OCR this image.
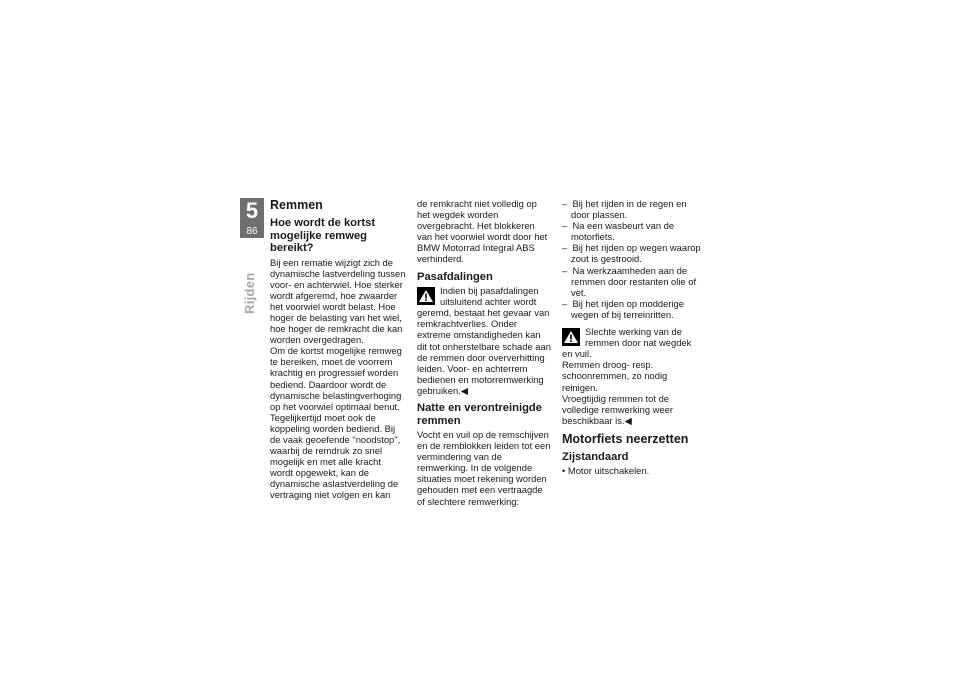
5
86
Rijden
Remmen
Hoe wordt de kortst mogelijke remweg bereikt?

Bij een rematie wijzigt zich de dynamische lastverdeling tussen voor- en achterwiel. Hoe sterker wordt afgeremd, hoe zwaarder het voorwiel wordt belast. Hoe hoger de belasting van het wiel, hoe hoger de remkracht die kan worden overgedragen.

Om de kortst mogelijke remweg te bereiken, moet de voorrem krachtig en progressief worden bediend. Daardoor wordt de dynamische belastingverhoging op het voorwiel optimaal benut. Tegelijkertijd moet ook de koppeling worden bediend. Bij de vaak geoefende "noodstop", waarbij de remdruk zo snel mogelijk en met alle kracht wordt opgewekt, kan de dynamische aslastverdeling de vertraging niet volgen en kan

de remkracht niet volledig op het wegdek worden overgebracht. Het blokkeren van het voorwiel wordt door het BMW Motorrad Integral ABS verhinderd.

Pasafdalingen

Indien bij pasafdalingen uitsluitend achter wordt geremd, bestaat het gevaar van remkrachtverlies. Onder extreme omstandigheden kan dit tot onherstelbare schade aan de remmen door oververhitting leiden. Voor- en achterrem bedienen en motorremwerking gebruiken.◀

Natte en verontreinigde remmen

Vocht en vuil op de remschijven en de remblokken leiden tot een vermindering van de remwerking. In de volgende situaties moet rekening worden gehouden met een vertraagde of slechtere remwerking:

– Bij het rijden in de regen en door plassen.

– Na een wasbeurt van de motorfiets.

– Bij het rijden op wegen waarop zout is gestrooid.

– Na werkzaamheden aan de remmen door restanten olie of vet.

– Bij het rijden op modderige wegen of bij terreinritten.

Slechte werking van de remmen door nat wegdek en vuil.

Remmen droog- resp. schoonremmen, zo nodig reinigen.

Vroegtijdig remmen tot de volledige remwerking weer beschikbaar is.◀

Motorfiets neerzetten
Zijstandaard

• Motor uitschakelen.
